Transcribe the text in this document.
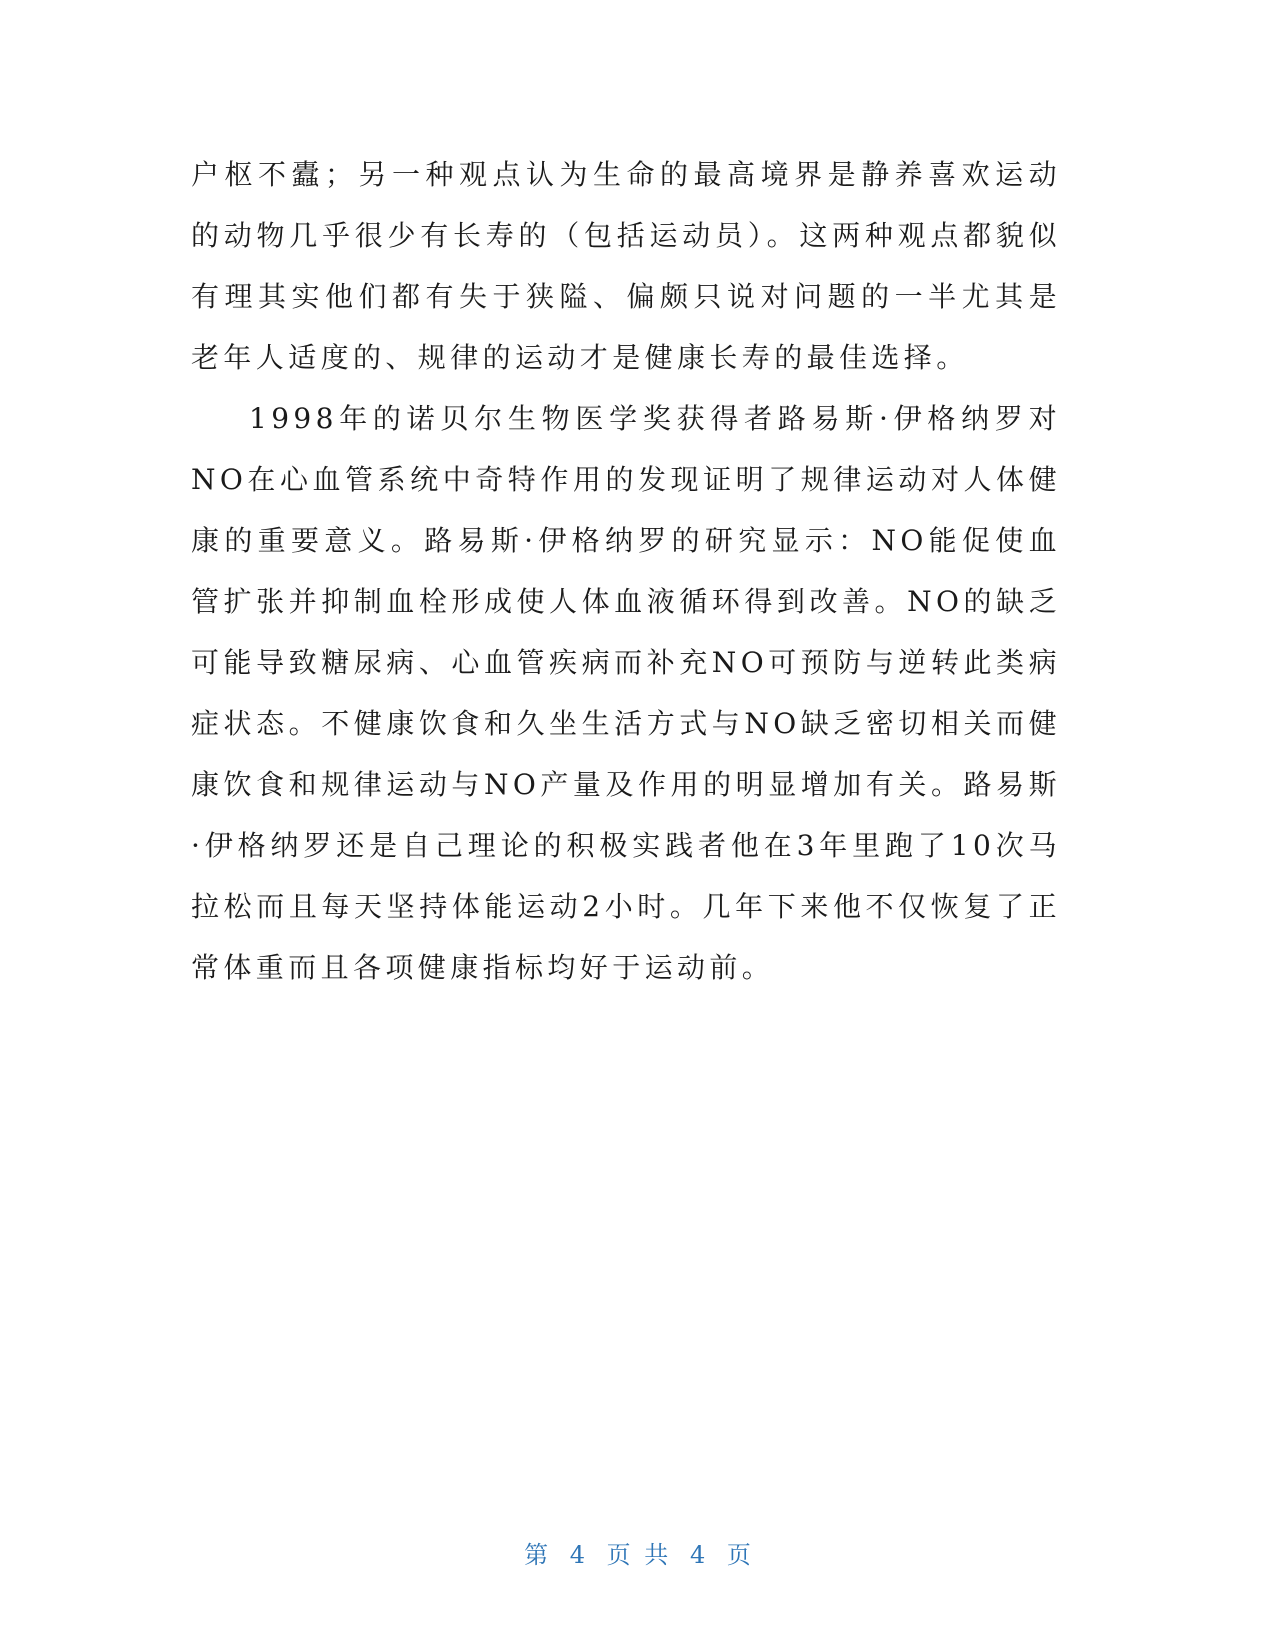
户枢不蠹；另一种观点认为生命的最高境界是静养喜欢运动的动物几乎很少有长寿的（包括运动员）。这两种观点都貌似有理其实他们都有失于狭隘、偏颇只说对问题的一半尤其是老年人适度的、规律的运动才是健康长寿的最佳选择。

1998年的诺贝尔生物医学奖获得者路易斯·伊格纳罗对NO在心血管系统中奇特作用的发现证明了规律运动对人体健康的重要意义。路易斯·伊格纳罗的研究显示：NO能促使血管扩张并抑制血栓形成使人体血液循环得到改善。NO的缺乏可能导致糖尿病、心血管疾病而补充NO可预防与逆转此类病症状态。不健康饮食和久坐生活方式与NO缺乏密切相关而健康饮食和规律运动与NO产量及作用的明显增加有关。路易斯·伊格纳罗还是自己理论的积极实践者他在3年里跑了10次马拉松而且每天坚持体能运动2小时。几年下来他不仅恢复了正常体重而且各项健康指标均好于运动前。

第 4 页 共 4 页
